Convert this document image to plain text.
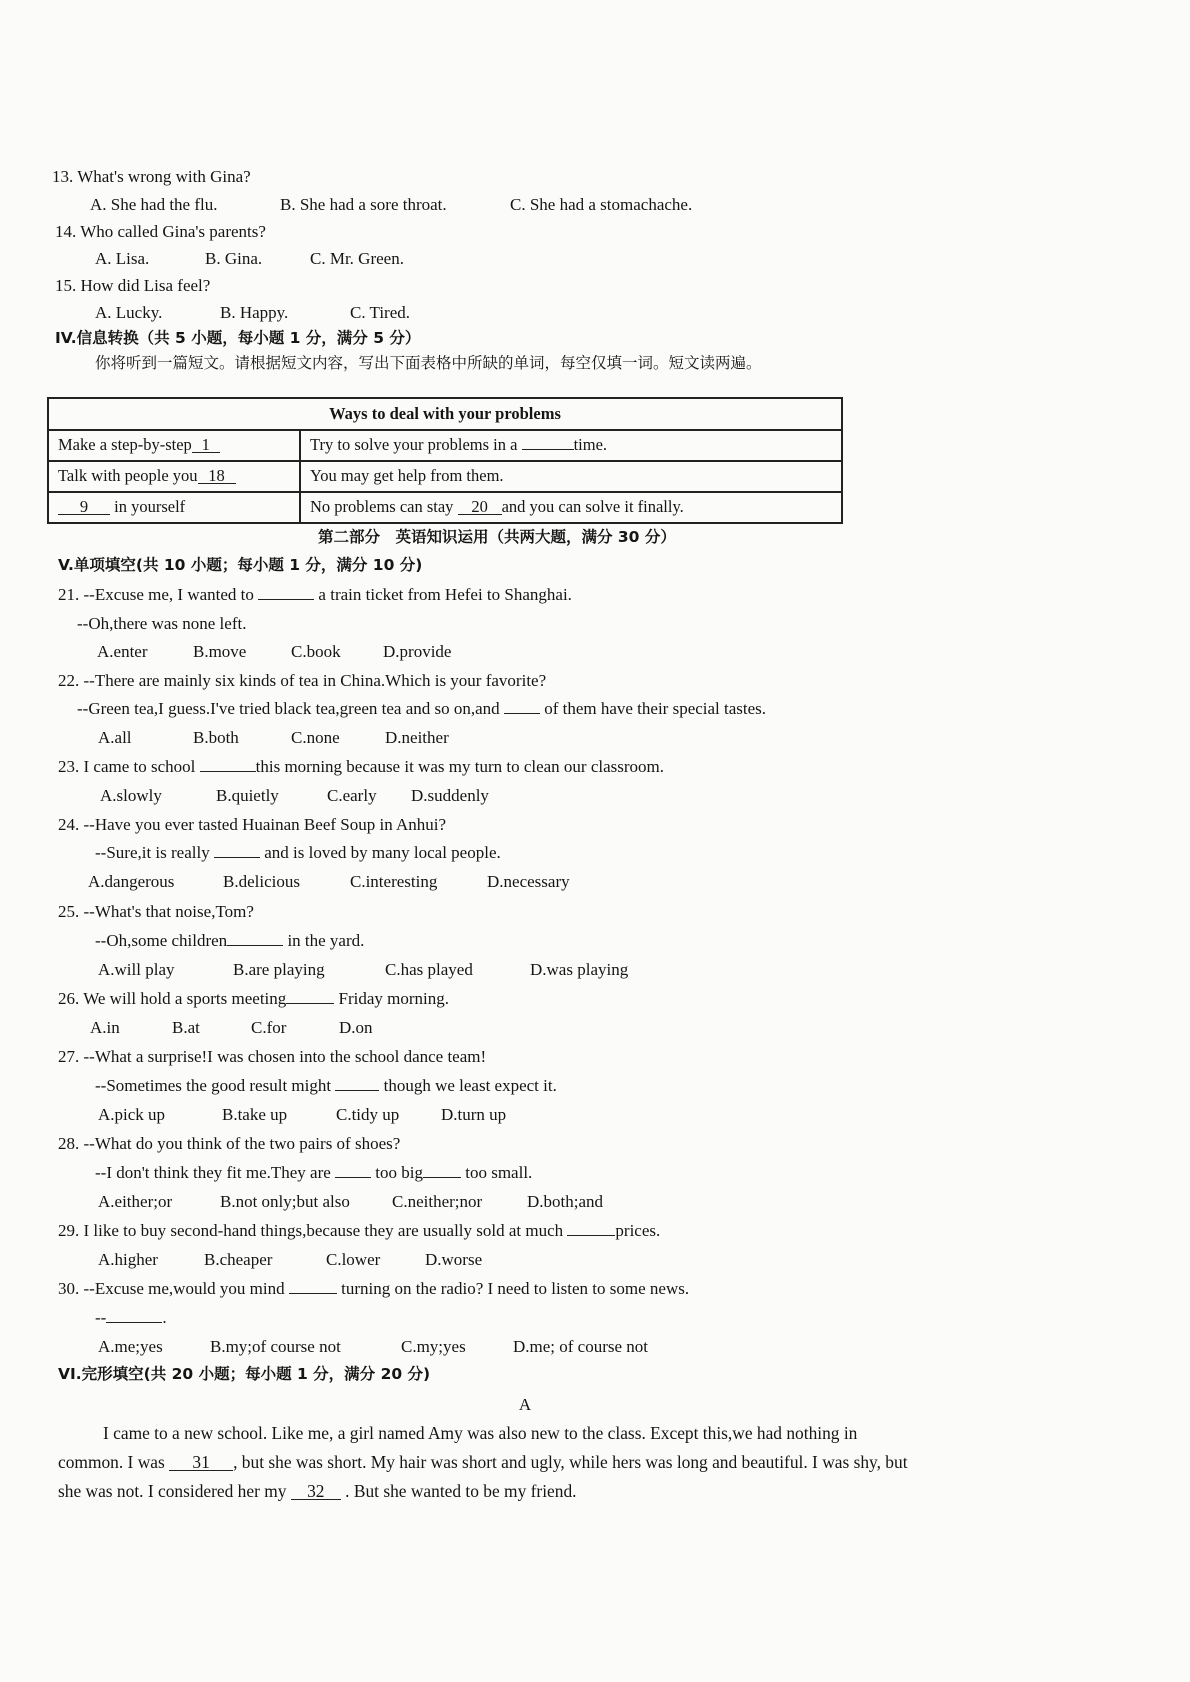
13. What's wrong with Gina?
A. She had the flu.	B. She had a sore throat.	C. She had a stomachache.
14. Who called Gina's parents?
A. Lisa.	B. Gina.	C. Mr. Green.
15. How did Lisa feel?
A. Lucky.	B. Happy.	C. Tired.
IV.信息转换（共 5 小题，每小题 1 分，满分 5 分）
你将听到一篇短文。请根据短文内容，写出下面表格中所缺的单词，每空仅填一词。短文读两遍。
Ways to deal with your problems	
Make a step-by-step 1	Try to solve your problems in a time.
Talk with people you 18	You may get help from them.
9 in yourself	No problems can stay 20 and you can solve it finally.
第二部分　英语知识运用（共两大题，满分 30 分）
V.单项填空(共 10 小题；每小题 1 分，满分 10 分)
21. --Excuse me, I wanted to	a train ticket from Hefei to Shanghai.
--Oh,there was none left.
A.enter	B.move	C.book D.provide
22. --There are mainly six kinds of tea in China.Which is your favorite?
--Green tea,I guess.I've tried black tea,green tea and so on,and	of them have their special tastes.
A.all	B.both	C.none	D.neither
23. I came to school	this morning because it was my turn to clean our classroom.
A.slowly	B.quietly	C.early D.suddenly
24. --Have you ever tasted Huainan Beef Soup in Anhui?
--Sure,it is really	and is loved by many local people.
A.dangerous	B.delicious	C.interesting	D.necessary
25. --What's that noise,Tom?
--Oh,some children	in the yard.
A.will play	B.are playing	C.has played	D.was playing
26. We will hold a sports meeting	Friday morning.
A.in	B.at	C.for	D.on
27. --What a surprise!I was chosen into the school dance team!
--Sometimes the good result might	though we least expect it.
A.pick up	B.take up	C.tidy up D.turn up
28. --What do you think of the two pairs of shoes?
--I don't think they fit me.They are	too big too small.
A.either;or	B.not only;but also C.neither;nor	D.both;and
29. I like to buy second-hand things,because they are usually sold at much	prices.
A.higher	B.cheaper	C.lower	D.worse
30. --Excuse me,would you mind	turning on the radio? I need to listen to some news.
--	.
A.me;yes	B.my;of course not	C.my;yes	D.me; of course not
VI.完形填空(共 20 小题；每小题 1 分，满分 20 分)
A
I came to a new school. Like me, a girl named Amy was also new to the class. Except this,we had nothing in
common. I was 31 , but she was short. My hair was short and ugly, while hers was long and beautiful. I was shy, but
she was not. I considered her my 32 . But she wanted to be my friend.
